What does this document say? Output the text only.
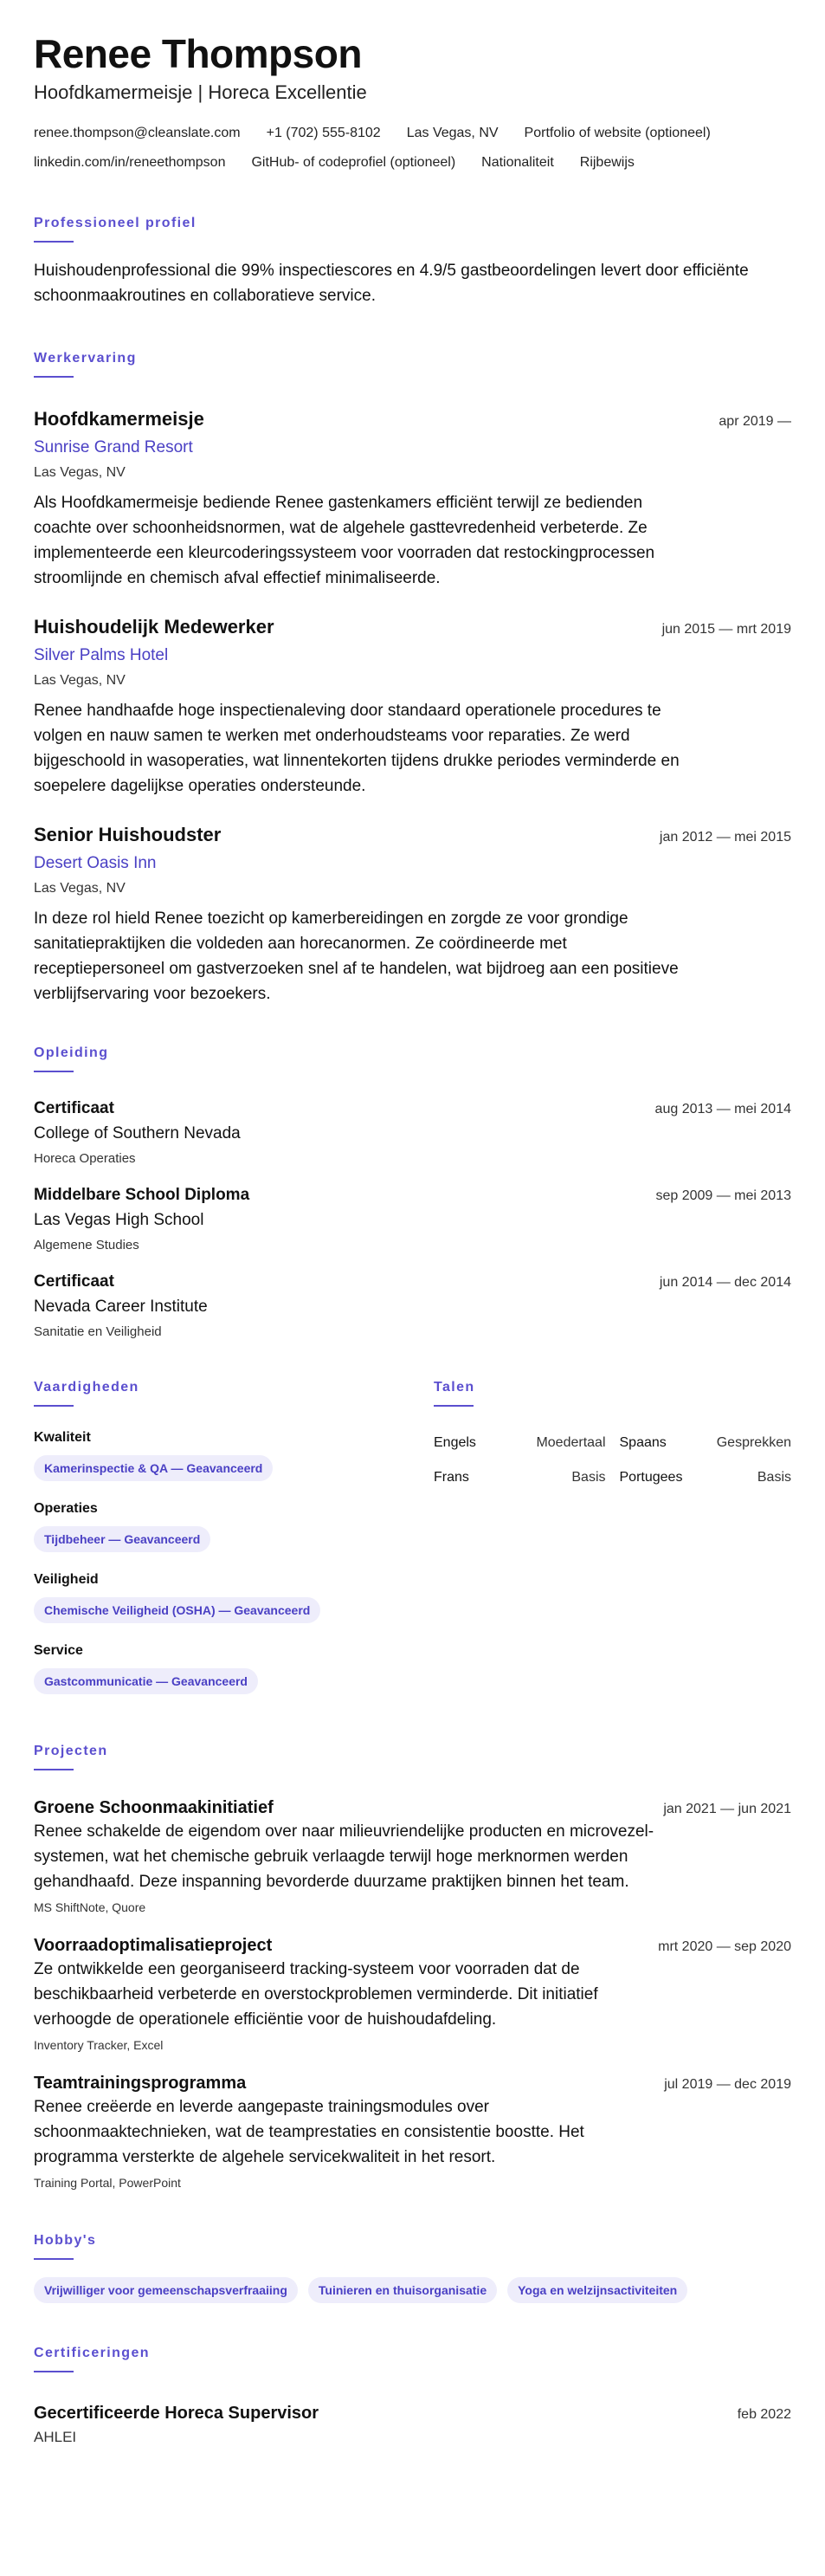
Renee Thompson
Hoofdkamermeisje | Horeca Excellentie
renee.thompson@cleanslate.com +1 (702) 555-8102 Las Vegas, NV Portfolio of website (optioneel)
linkedin.com/in/reneethompson GitHub- of codeprofiel (optioneel) Nationaliteit Rijbewijs
Professioneel profiel

Huishoudenprofessional die 99% inspectiescores en 4.9/5 gastbeoordelingen levert door efficiënte schoonmaakroutines en collaboratieve service.

Werkervaring
Hoofdkamermeisje	apr 2019 —
Sunrise Grand Resort
Las Vegas, NV

Als Hoofdkamermeisje bediende Renee gastenkamers efficiënt terwijl ze bedienden coachte over schoonheidsnormen, wat de algehele gasttevredenheid verbeterde. Ze implementeerde een kleurcoderingssysteem voor voorraden dat restockingprocessen stroomlijnde en chemisch afval effectief minimaliseerde.

Huishoudelijk Medewerker	jun 2015 — mrt 2019
Silver Palms Hotel
Las Vegas, NV

Renee handhaafde hoge inspectienaleving door standaard operationele procedures te volgen en nauw samen te werken met onderhoudsteams voor reparaties. Ze werd bijgeschoold in wasoperaties, wat linnentekorten tijdens drukke periodes verminderde en soepelere dagelijkse operaties ondersteunde.

Senior Huishoudster	jan 2012 — mei 2015
Desert Oasis Inn
Las Vegas, NV

In deze rol hield Renee toezicht op kamerbereidingen en zorgde ze voor grondige sanitatiepraktijken die voldeden aan horecanormen. Ze coördineerde met receptiepersoneel om gastverzoeken snel af te handelen, wat bijdroeg aan een positieve verblijfservaring voor bezoekers.

Opleiding
Certificaat	aug 2013 — mei 2014
College of Southern Nevada
Horeca Operaties
Middelbare School Diploma	sep 2009 — mei 2013
Las Vegas High School
Algemene Studies
Certificaat	jun 2014 — dec 2014
Nevada Career Institute
Sanitatie en Veiligheid
Vaardigheden
Kwaliteit
Kamerinspectie & QA — Geavanceerd
Operaties
Tijdbeheer — Geavanceerd
Veiligheid
Chemische Veiligheid (OSHA) — Geavanceerd
Service
Gastcommunicatie — Geavanceerd
Talen
Engels	Moedertaal Spaans	Gesprekken
Frans	Basis Portugees	Basis
Projecten
Groene Schoonmaakinitiatief	jan 2021 — jun 2021

Renee schakelde de eigendom over naar milieuvriendelijke producten en microvezel-systemen, wat het chemische gebruik verlaagde terwijl hoge merknormen werden gehandhaafd. Deze inspanning bevorderde duurzame praktijken binnen het team.

MS ShiftNote, Quore
Voorraadoptimalisatieproject	mrt 2020 — sep 2020

Ze ontwikkelde een georganiseerd tracking-systeem voor voorraden dat de beschikbaarheid verbeterde en overstockproblemen verminderde. Dit initiatief verhoogde de operationele efficiëntie voor de huishoudafdeling.

Inventory Tracker, Excel
Teamtrainingsprogramma	jul 2019 — dec 2019

Renee creëerde en leverde aangepaste trainingsmodules over schoonmaaktechnieken, wat de teamprestaties en consistentie boostte. Het programma versterkte de algehele servicekwaliteit in het resort.

Training Portal, PowerPoint
Hobby's
Vrijwilliger voor gemeenschapsverfraaiing	Tuinieren en thuisorganisatie	Yoga en welzijnsactiviteiten
Certificeringen
Gecertificeerde Horeca Supervisor	feb 2022
AHLEI
